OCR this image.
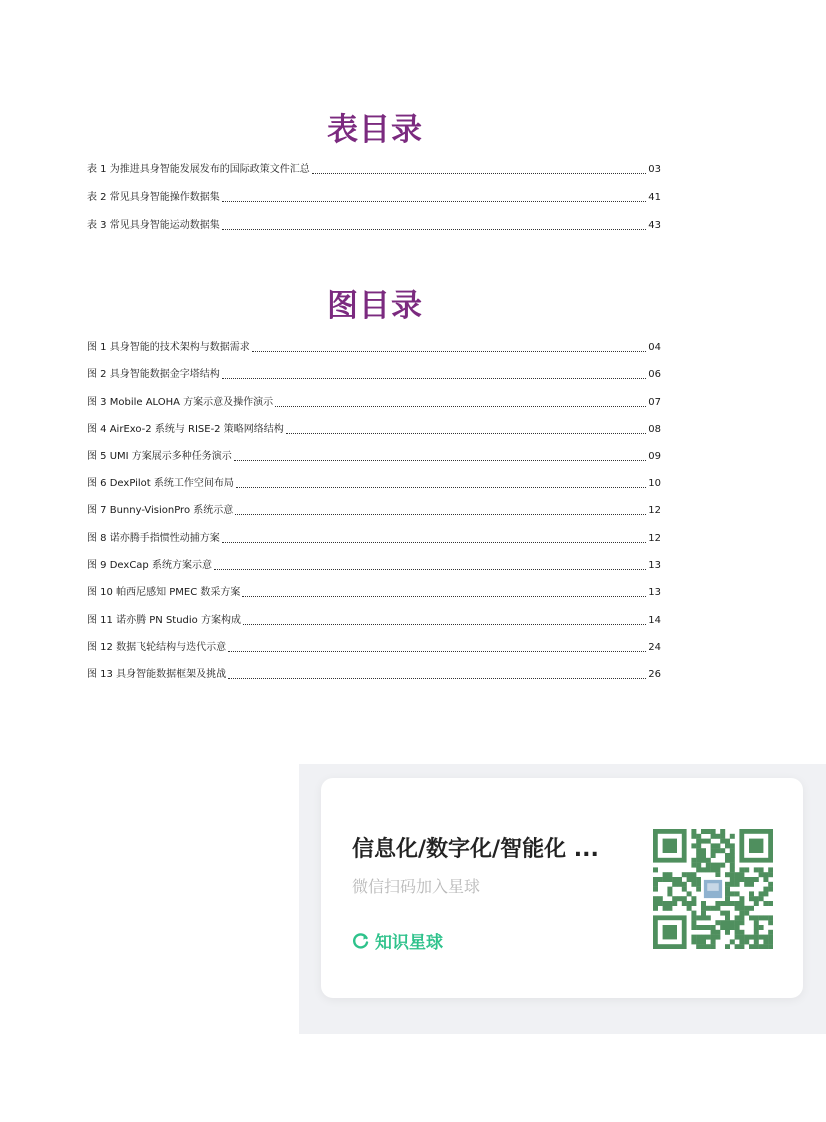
表目录
表 1 为推进具身智能发展发布的国际政策文件汇总	03
表 2 常见具身智能操作数据集	41
表 3 常见具身智能运动数据集	43
图目录
图 1 具身智能的技术架构与数据需求	04
图 2 具身智能数据金字塔结构	06
图 3 Mobile ALOHA 方案示意及操作演示	07
图 4 AirExo-2 系统与 RISE-2 策略网络结构	08
图 5 UMI 方案展示多种任务演示	09
图 6 DexPilot 系统工作空间布局	10
图 7 Bunny-VisionPro 系统示意	12
图 8 诺亦腾手指惯性动捕方案	12
图 9 DexCap 系统方案示意	13
图 10 帕西尼感知 PMEC 数采方案	13
图 11 诺亦腾 PN Studio 方案构成	14
图 12 数据飞轮结构与迭代示意	24
图 13 具身智能数据框架及挑战	26
信息化/数字化/智能化 ...
微信扫码加入星球
知识星球
